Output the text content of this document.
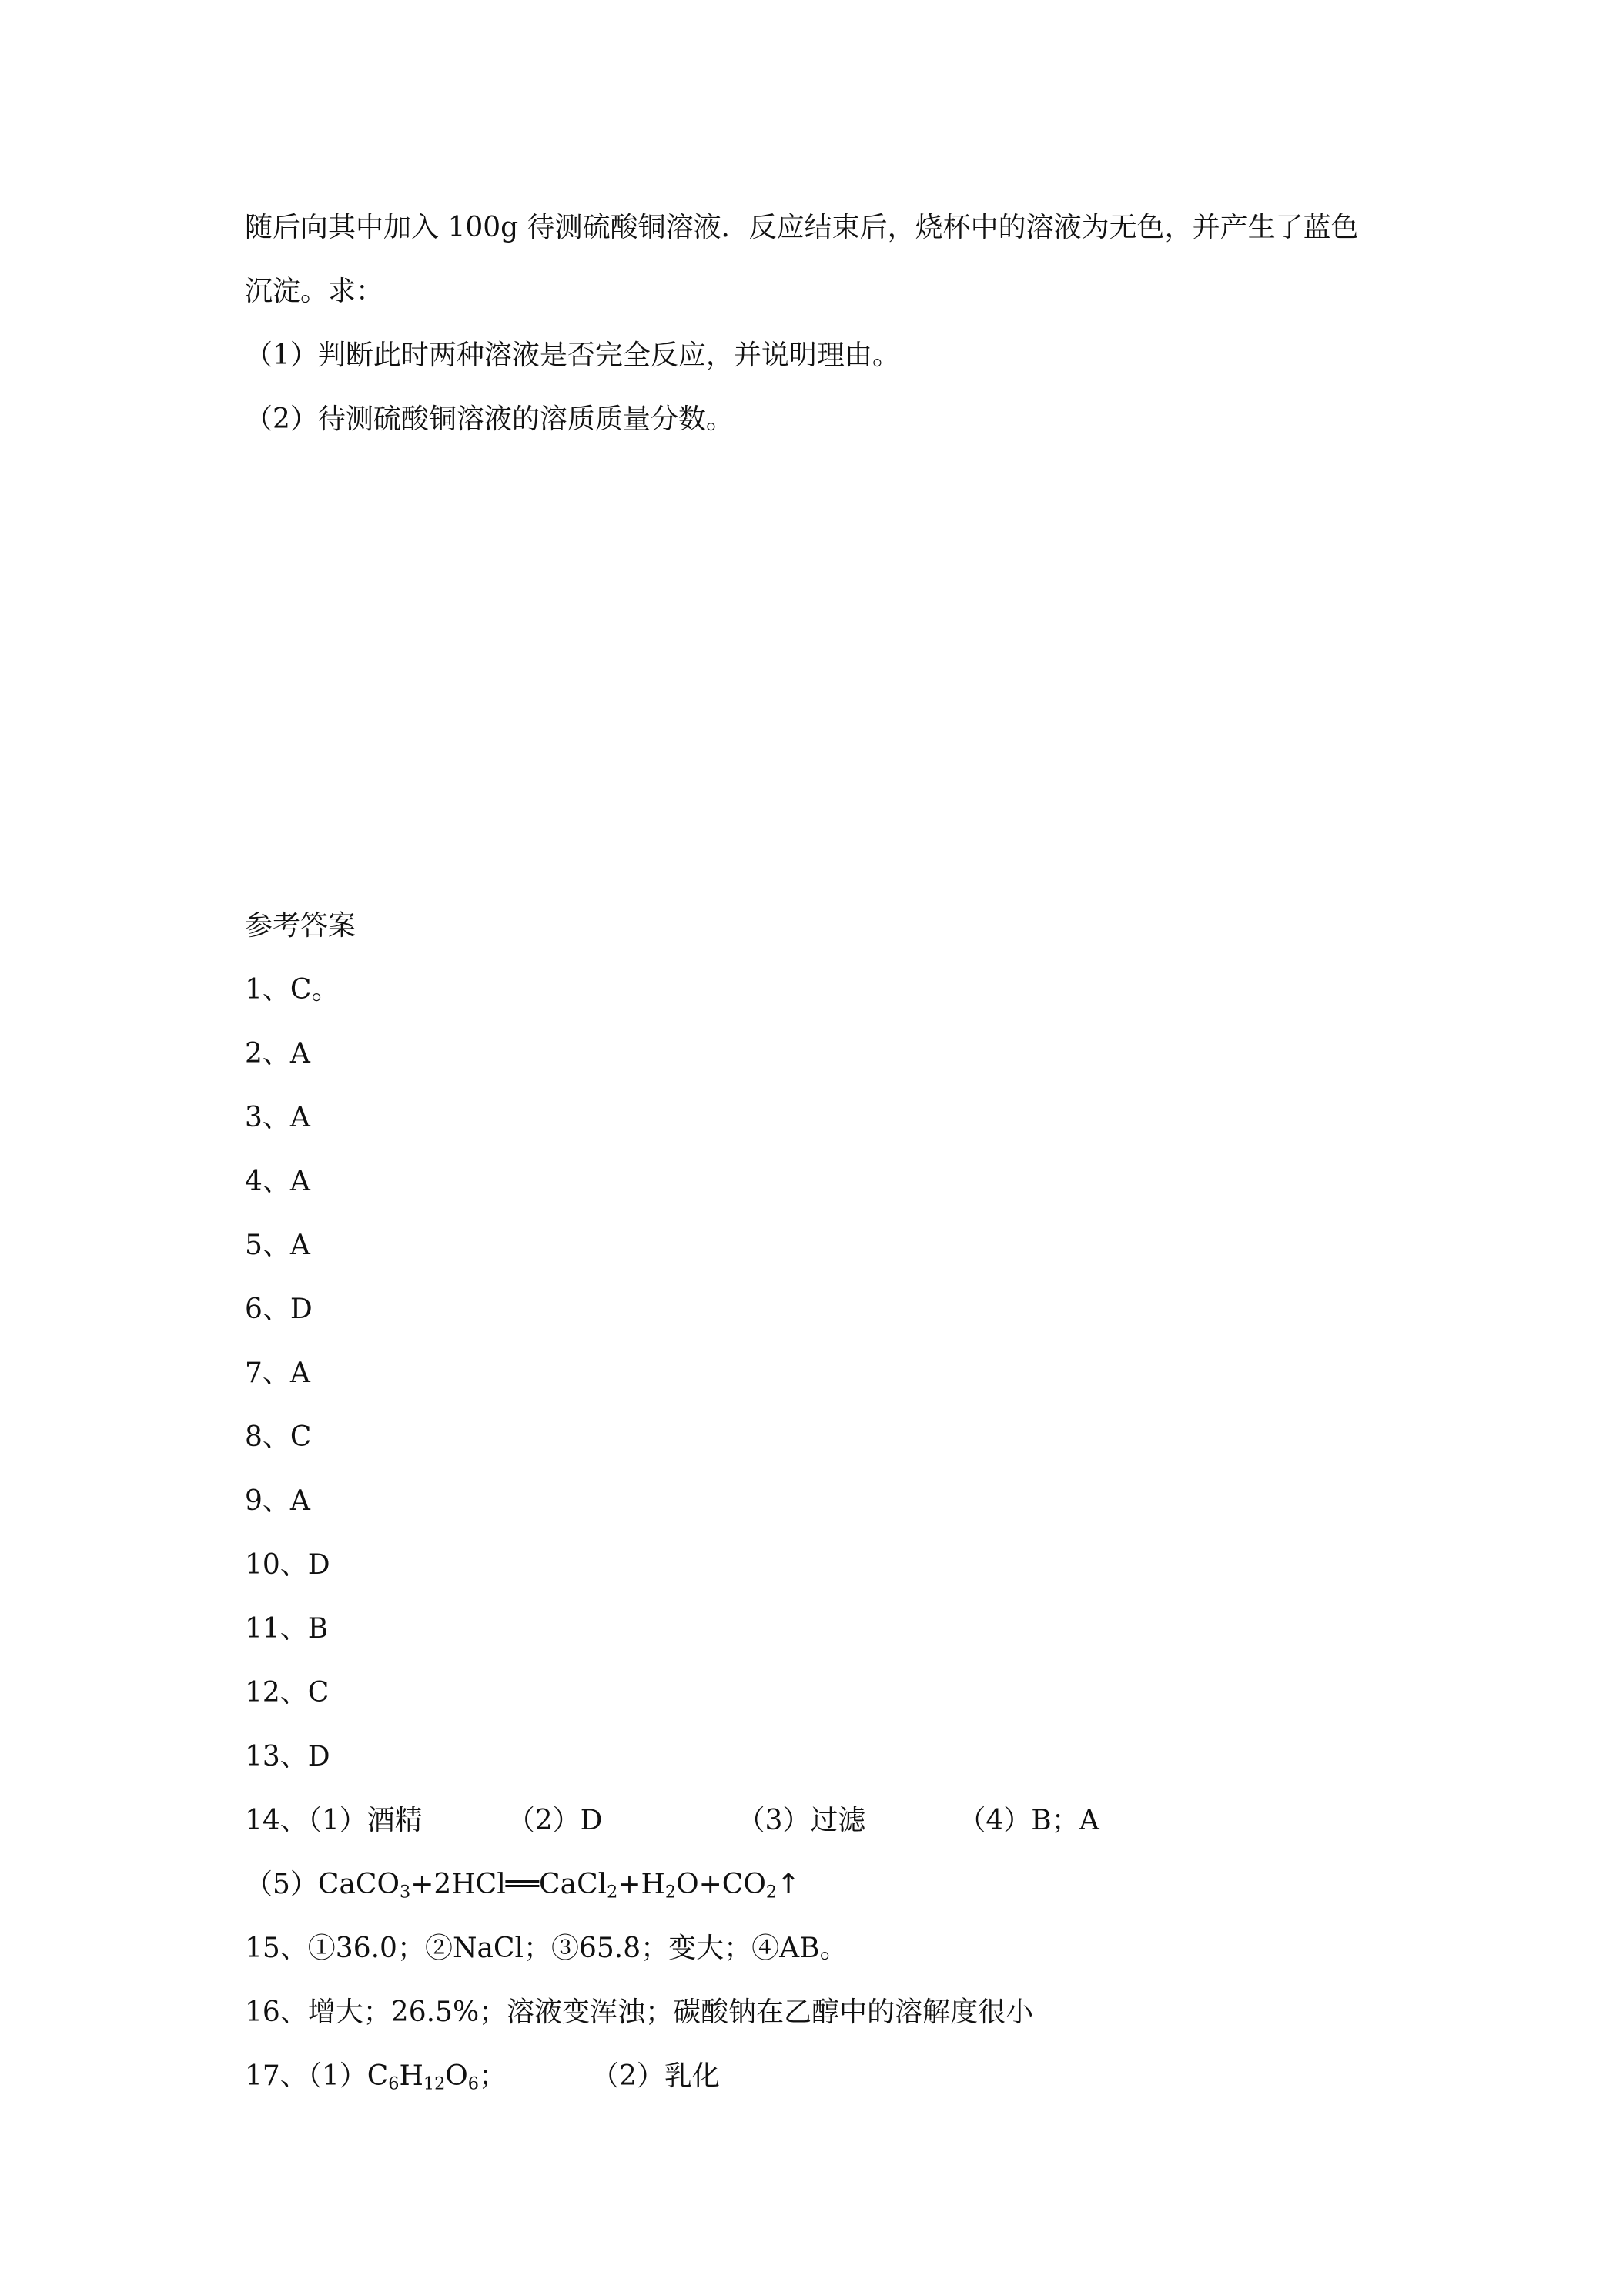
随后向其中加入 100g 待测硫酸铜溶液．反应结束后，烧杯中的溶液为无色，并产生了蓝色
沉淀。求：
（1）判断此时两种溶液是否完全反应，并说明理由。
（2）待测硫酸铜溶液的溶质质量分数。
参考答案
1、C。
2、A
3、A
4、A
5、A
6、D
7、A
8、C
9、A
10、D
11、B
12、C
13、D
14、（1）酒精	（2）D	（3）过滤	（4）B；A
$(5)CaCO_3+2HCl══CaCl_2+H_2O+CO_2↑$
15、①36.0；②NaCl；③65.8；变大；④AB。
16、增大；26.5%；溶液变浑浊；碳酸钠在乙醇中的溶解度很小
17、$(1)C_6H_{12}O_6$；	（2）乳化
